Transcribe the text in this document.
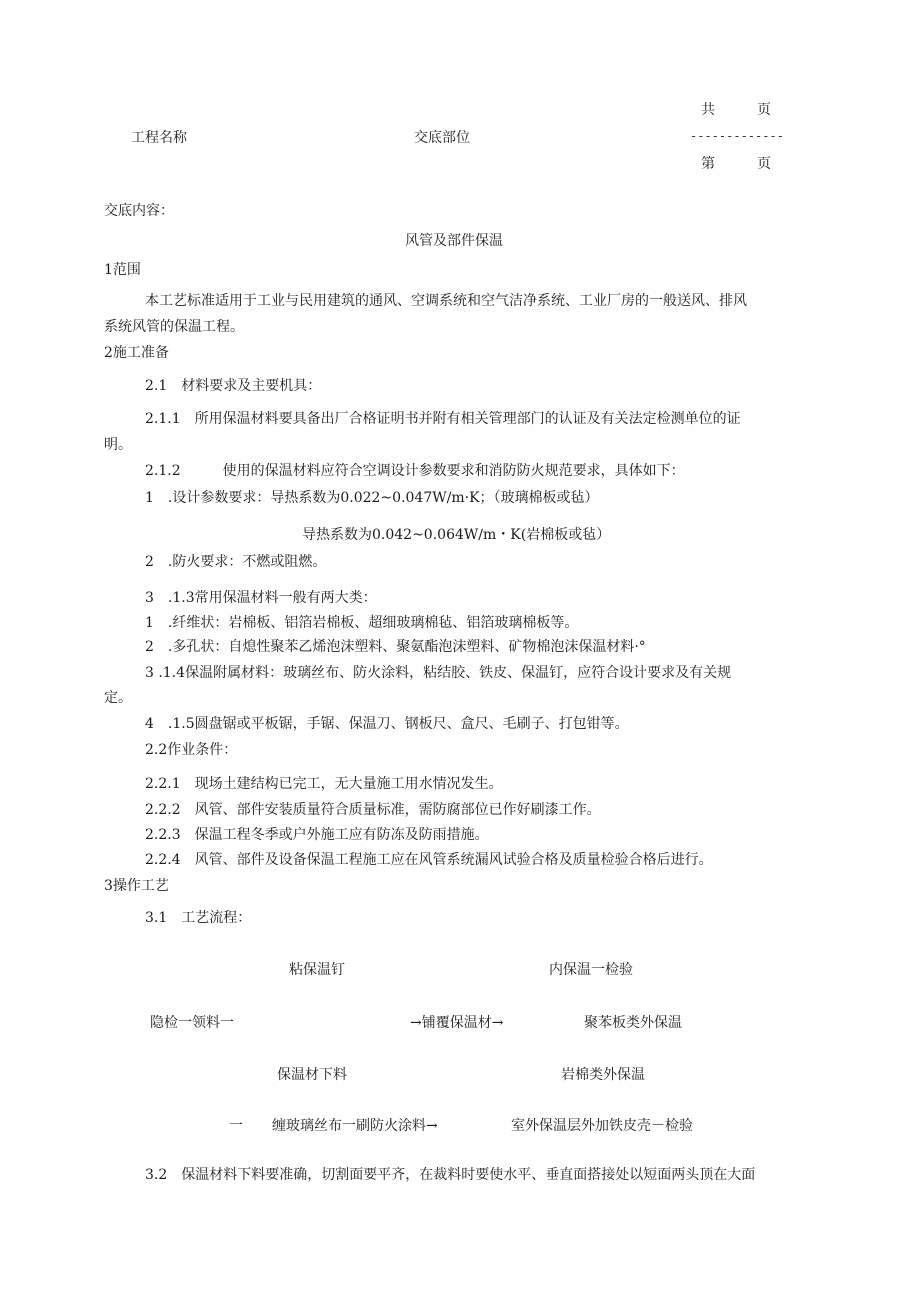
共　　　页
工程名称	交底部位	-------------
第　　　页
交底内容：
风管及部件保温
1范围
本工艺标准适用于工业与民用建筑的通风、空调系统和空气洁净系统、工业厂房的一般送风、排风
系统风管的保温工程。
2施工准备
2.1　材料要求及主要机具：
2.1.1　所用保温材料要具备出厂合格证明书并附有相关管理部门的认证及有关法定检测单位的证
明。
2.1.2　　　使用的保温材料应符合空调设计参数要求和消防防火规范要求，具体如下：
1　.设计参数要求：导热系数为0.022~0.047W∕m·K；（玻璃棉板或毡）
导热系数为0.042~0.064W∕m・K(岩棉板或毡）
2　.防火要求：不燃或阻燃。
3　.1.3常用保温材料一般有两大类：
1　.纤维状：岩棉板、铝箔岩棉板、超细玻璃棉毡、铝箔玻璃棉板等。
2　.多孔状：自熄性聚苯乙烯泡沫塑料、聚氨酯泡沫塑料、矿物棉泡沫保温材料·°
3 .1.4保温附属材料：玻璃丝布、防火涂料，粘结胶、铁皮、保温钉，应符合设计要求及有关规
定。
4　.1.5圆盘锯或平板锯，手锯、保温刀、钢板尺、盒尺、毛刷子、打包钳等。
2.2作业条件：
2.2.1　现场土建结构已完工，无大量施工用水情况发生。
2.2.2　风管、部件安装质量符合质量标准，需防腐部位已作好刷漆工作。
2.2.3　保温工程冬季或户外施工应有防冻及防雨措施。
2.2.4　风管、部件及设备保温工程施工应在风管系统漏风试验合格及质量检验合格后进行。
3操作工艺
3.1　工艺流程：
粘保温钉	内保温一检验
隐检一领料一	→铺覆保温材→	聚苯板类外保温
保温材下料	岩棉类外保温
一 缠玻璃丝布一刷防火涂料→	室外保温层外加铁皮壳－检验
3.2　保温材料下料要准确，切割面要平齐，在裁料时要使水平、垂直面搭接处以短面两头顶在大面
